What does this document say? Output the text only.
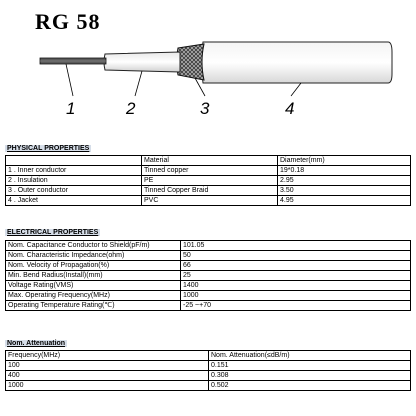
RG 58
1	2	3	4
PHYSICAL PROPERTIES
	Material	Diameter(mm)
1 . Inner conductor	Tinned copper	19*0.18
2 . Insulation	PE	2.95
3 . Outer conductor	Tinned Copper Braid	3.50
4 . Jacket	PVC	4.95
ELECTRICAL PROPERTIES
Nom. Capacitance Conductor to Shield(pF/m)	101.05
Nom. Characteristic Impedance(ohm)	50
Nom. Velocity of Propagation(%)	66
Min. Bend Radius(Install)(mm)	25
Voltage Rating(VMS)	1400
Max. Operating Frequency(MHz)	1000
Operating Temperature Rating(℃)	-25 ~+70
Nom. Attenuation
Frequency(MHz)	Nom. Attenuation(≤dB/m)
100	0.151
400	0.308
1000	0.502
